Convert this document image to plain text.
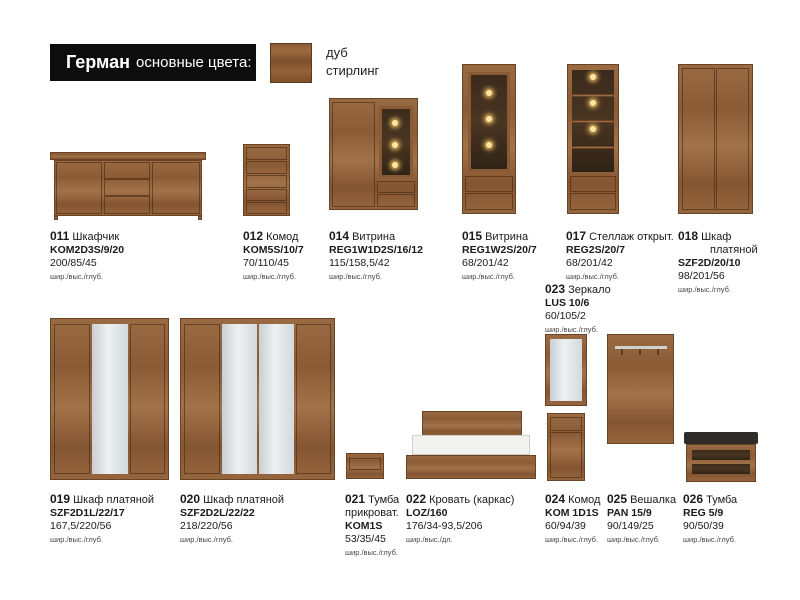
Герман основные цвета:
дуб
стирлинг
011 Шкафчик
KOM2D3S/9/20
200/85/45
шир./выс./глуб.
012 Комод
KOM5S/10/7
70/110/45
шир./выс./глуб.
014 Витрина
REG1W1D2S/16/12
115/158,5/42
шир./выс./глуб.
015 Витрина
REG1W2S/20/7
68/201/42
шир./выс./глуб.
017 Стеллаж открыт.
REG2S/20/7
68/201/42
шир./выс./глуб.
018 Шкаф
платяной
SZF2D/20/10
98/201/56
шир./выс./глуб.
023 Зеркало
LUS 10/6
60/105/2
шир./выс./глуб.
019 Шкаф платяной
SZF2D1L/22/17
167,5/220/56
шир./выс./глуб.
020 Шкаф платяной
SZF2D2L/22/22
218/220/56
шир./выс./глуб.
021 Тумба
прикроват.
KOM1S
53/35/45
шир./выс./глуб.
022 Кровать (каркас)
LOZ/160
176/34-93,5/206
шир./выс./дл.
024 Комод
KOM 1D1S
60/94/39
шир./выс./глуб.
025 Вешалка
PAN 15/9
90/149/25
шир./выс./глуб.
026 Тумба
REG 5/9
90/50/39
шир./выс./глуб.
